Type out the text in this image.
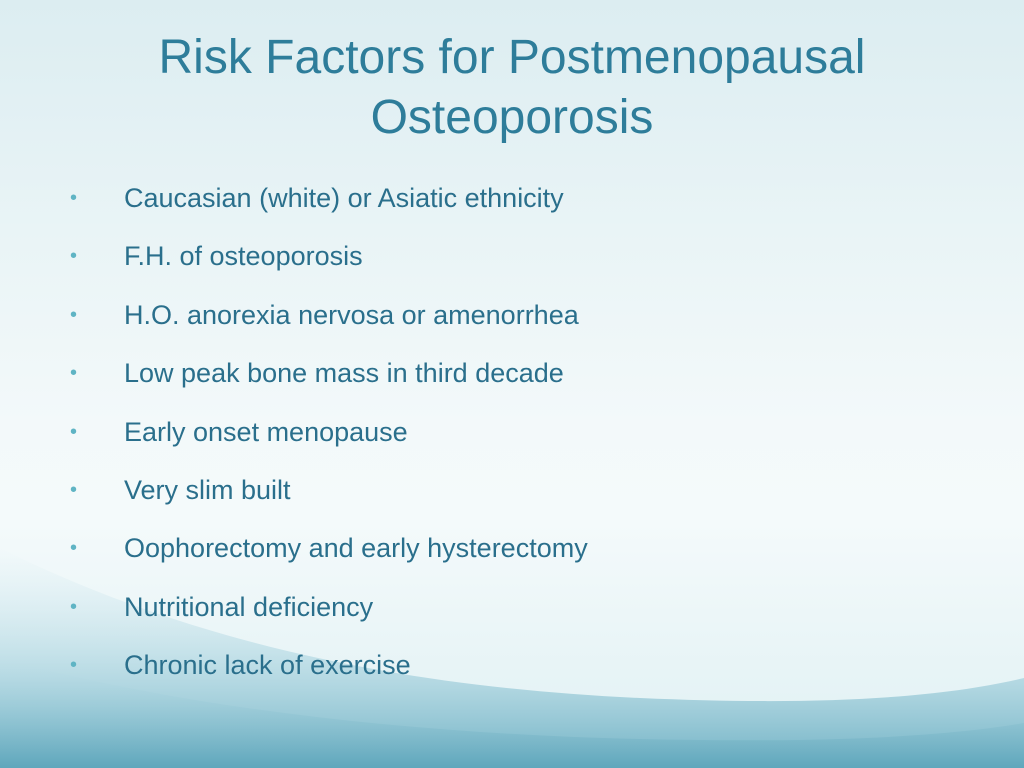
Risk Factors for Postmenopausal
Osteoporosis
• Caucasian (white) or Asiatic ethnicity
• F.H. of osteoporosis
• H.O. anorexia nervosa or amenorrhea
• Low peak bone mass in third decade
• Early onset menopause
• Very slim built
• Oophorectomy and early hysterectomy
• Nutritional deficiency
• Chronic lack of exercise
